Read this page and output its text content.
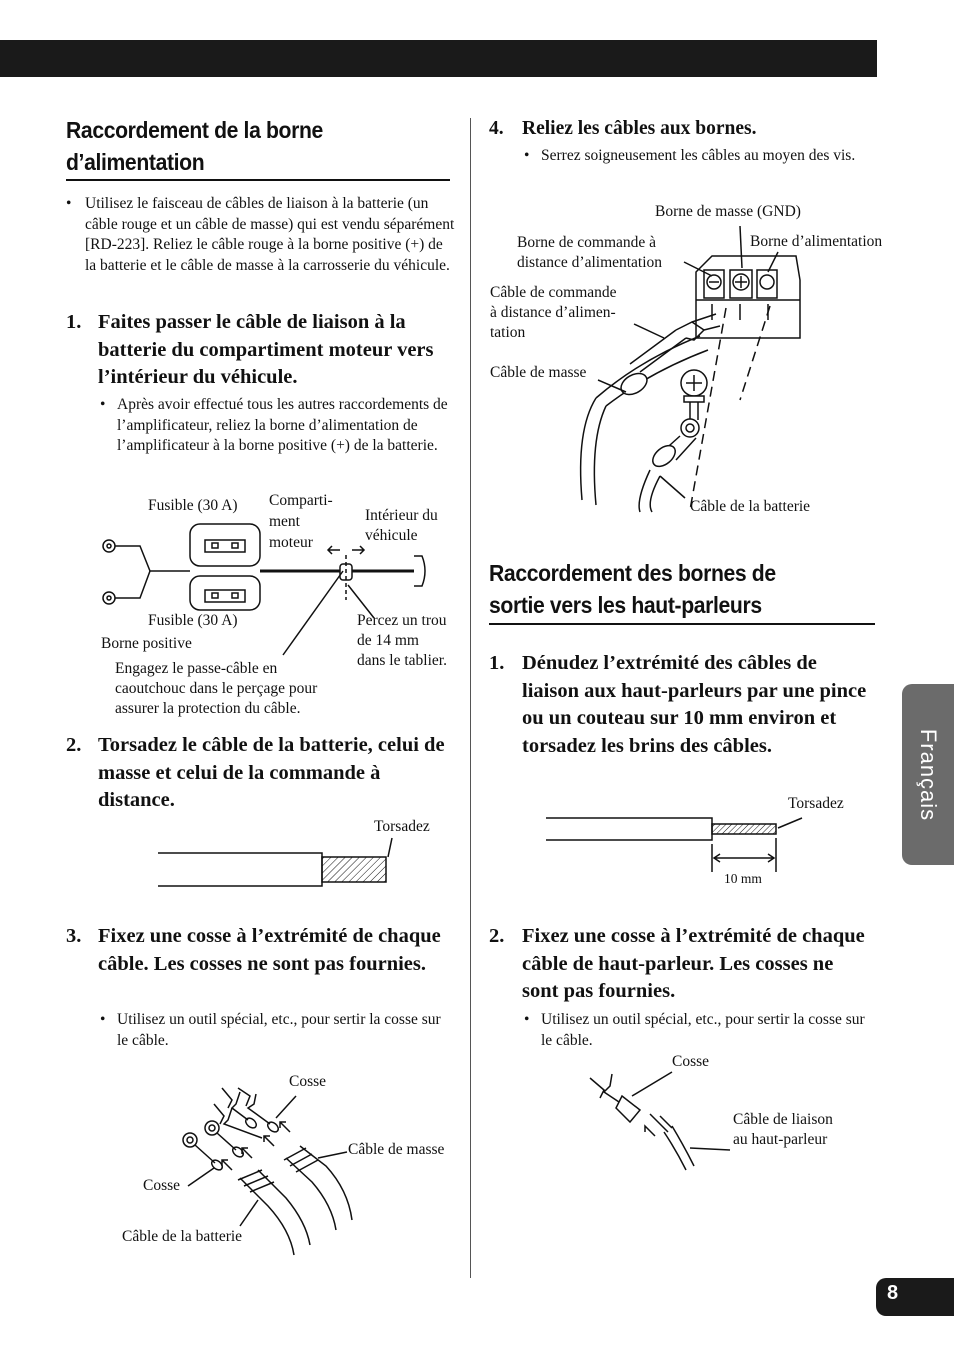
Raccordement de la borne
d’alimentation
• Utilisez le faisceau de câbles de liaison à la batterie (un câble rouge et un câble de masse) qui est vendu séparément [RD-223]. Reliez le câble rouge à la borne positive (+) de la batterie et le câble de masse à la carrosserie du véhicule.

1. Faites passer le câble de liaison à la batterie du compartiment moteur vers l’intérieur du véhicule.

• Après avoir effectué tous les autres raccordements de l’amplificateur, reliez la borne d’alimentation de l’amplificateur à la borne positive (+) de la batterie.

Fusible (30 A) Comparti-
ment
moteur
Intérieur du
véhicule
Fusible (30 A)
Borne positive
Percez un trou
de 14 mm
dans le tablier.
Engagez le passe-câble en
caoutchouc dans le perçage pour
assurer la protection du câble.
2. Torsadez le câble de la batterie, celui de masse et celui de la commande à distance.

Torsadez
3. Fixez une cosse à l’extrémité de chaque câble. Les cosses ne sont pas fournies.

• Utilisez un outil spécial, etc., pour sertir la cosse sur le câble.

Cosse
Câble de masse
Cosse
Câble de la batterie
4. Reliez les câbles aux bornes.

• Serrez soigneusement les câbles au moyen des vis.

Borne de masse (GND)
Borne de commande à
distance d’alimentation
Borne d’alimentation
Câble de commande
à distance d’alimen-
tation
Câble de masse
Câble de la batterie
Raccordement des bornes de
sortie vers les haut-parleurs
1. Dénudez l’extrémité des câbles de liaison aux haut-parleurs par une pince ou un couteau sur 10 mm environ et torsadez les brins des câbles.

Torsadez
10 mm
2. Fixez une cosse à l’extrémité de chaque câble de haut-parleur. Les cosses ne sont pas fournies.

• Utilisez un outil spécial, etc., pour sertir la cosse sur le câble.

Cosse
Câble de liaison
au haut-parleur
Français
8
